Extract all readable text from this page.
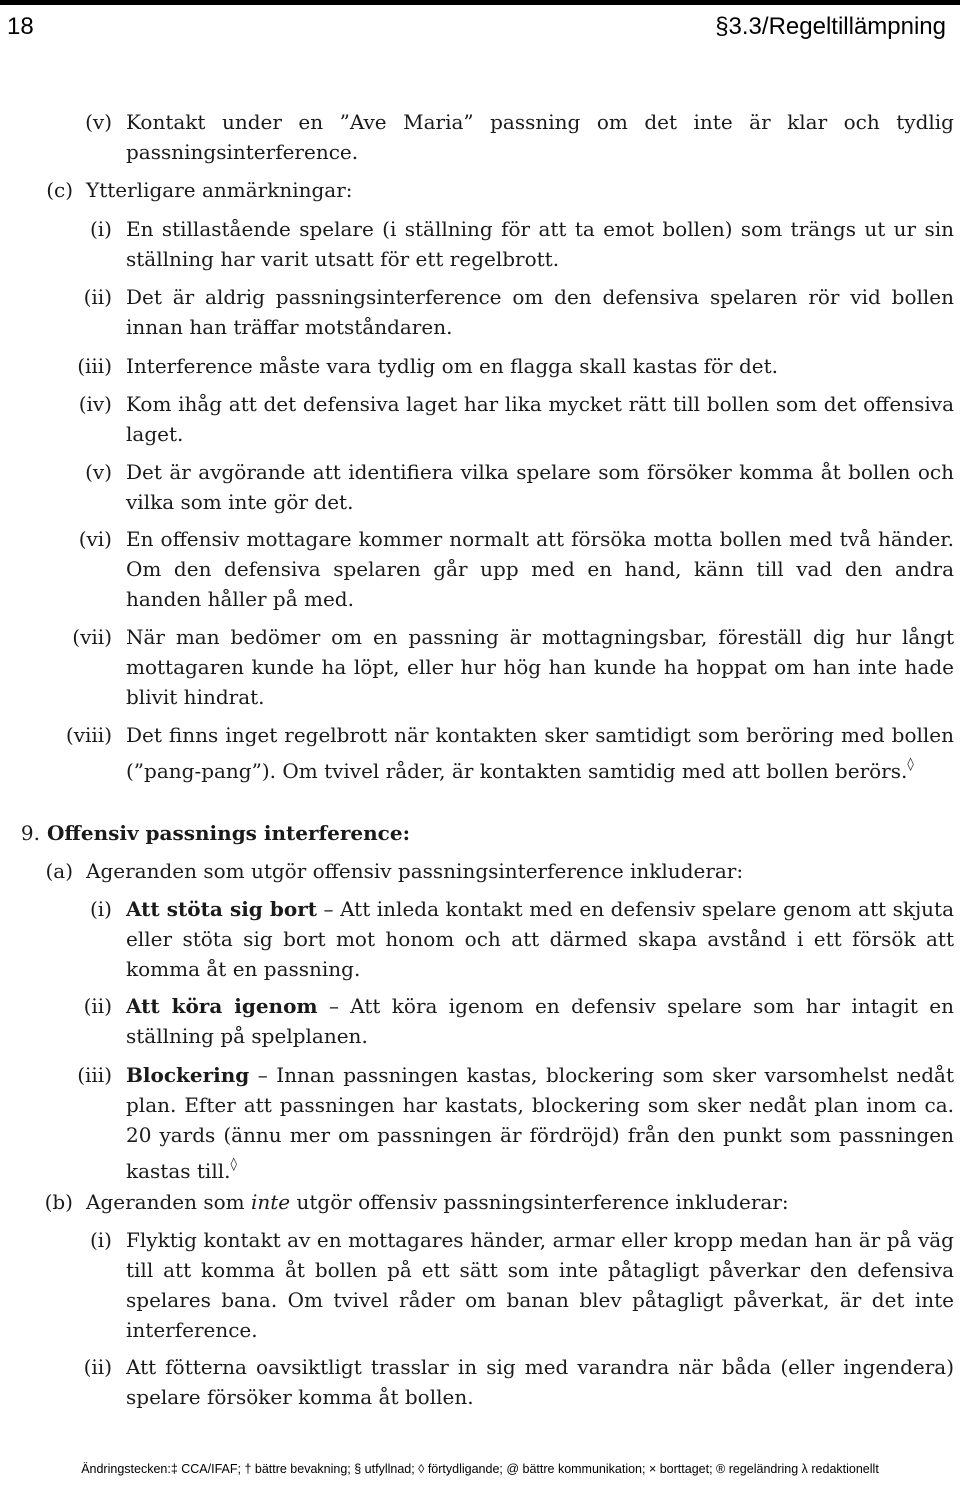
18	§3.3/Regeltillämpning
(v) Kontakt under en ”Ave Maria” passning om det inte är klar och tydlig passningsinterference.
(c) Ytterligare anmärkningar:
(i) En stillastående spelare (i ställning för att ta emot bollen) som trängs ut ur sin ställning har varit utsatt för ett regelbrott.
(ii) Det är aldrig passningsinterference om den defensiva spelaren rör vid bollen innan han träffar motståndaren.
(iii) Interference måste vara tydlig om en flagga skall kastas för det.
(iv) Kom ihåg att det defensiva laget har lika mycket rätt till bollen som det offensiva laget.
(v) Det är avgörande att identifiera vilka spelare som försöker komma åt bollen och vilka som inte gör det.
(vi) En offensiv mottagare kommer normalt att försöka motta bollen med två händer. Om den defensiva spelaren går upp med en hand, känn till vad den andra handen håller på med.
(vii) När man bedömer om en passning är mottagningsbar, föreställ dig hur långt mottagaren kunde ha löpt, eller hur hög han kunde ha hoppat om han inte hade blivit hindrat.
(viii) Det finns inget regelbrott när kontakten sker samtidigt som beröring med bollen (”pang-pang”). Om tvivel råder, är kontakten samtidig med att bollen berörs.◊
9. Offensiv passnings interference:
(a) Ageranden som utgör offensiv passningsinterference inkluderar:
(i) Att stöta sig bort – Att inleda kontakt med en defensiv spelare genom att skjuta eller stöta sig bort mot honom och att därmed skapa avstånd i ett försök att komma åt en passning.
(ii) Att köra igenom – Att köra igenom en defensiv spelare som har intagit en ställning på spelplanen.
(iii) Blockering – Innan passningen kastas, blockering som sker varsomhelst nedåt plan. Efter att passningen har kastats, blockering som sker nedåt plan inom ca. 20 yards (ännu mer om passningen är fördröjd) från den punkt som passningen kastas till.◊
(b) Ageranden som inte utgör offensiv passningsinterference inkluderar:
(i) Flyktig kontakt av en mottagares händer, armar eller kropp medan han är på väg till att komma åt bollen på ett sätt som inte påtagligt påverkar den defensiva spelares bana. Om tvivel råder om banan blev påtagligt påverkat, är det inte interference.
(ii) Att fötterna oavsiktligt trasslar in sig med varandra när båda (eller ingendera) spelare försöker komma åt bollen.
Ändringstecken:‡ CCA/IFAF; † bättre bevakning; § utfyllnad; ◊ förtydligande; @ bättre kommunikation; × borttaget; ® regeländring λ redaktionellt
